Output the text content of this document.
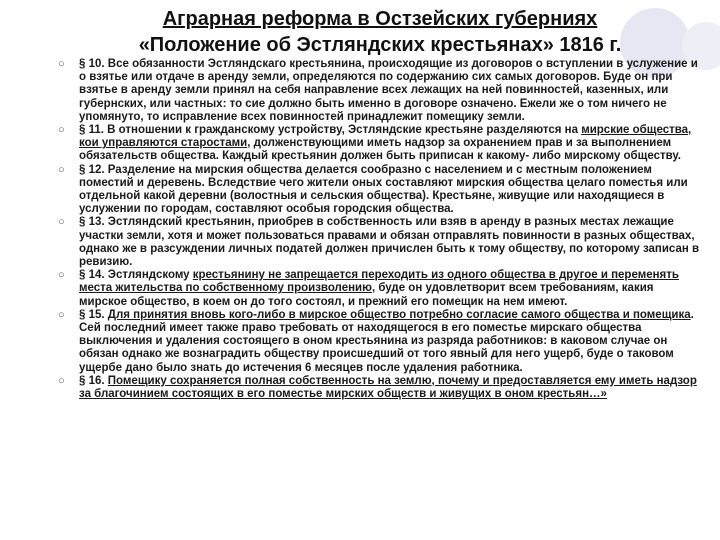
Аграрная реформа в Остзейских губерниях
«Положение об Эстляндских крестьянах» 1816 г.
○ § 10. Все обязанности Эстляндскаго крестьянина, происходящие из договоров о вступлении в услужение и о взятье или отдаче в аренду земли, определяются по содержанию сих самых договоров. Буде он при взятье в аренду земли принял на себя направление всех лежащих на ней повинностей, казенных, или губернских, или частных: то сие должно быть именно в договоре означено. Ежели же о том ничего не упомянуто, то исправление всех повинностей принадлежит помещику земли.
○ § 11. В отношении к гражданскому устройству, Эстляндские крестьяне разделяются на мирские общества, кои управляются старостами, долженствующими иметь надзор за охранением прав и за выполнением обязательств общества. Каждый крестьянин должен быть приписан к какому- либо мирскому обществу.
○ § 12. Разделение на мирския общества делается сообразно с населением и с местным положением поместий и деревень. Вследствие чего жители оных составляют мирския общества целаго поместья или отдельной какой деревни (волостныя и сельския общества). Крестьяне, живущие или находящиеся в услужении по городам, составляют особыя городския общества.
○ § 13. Эстляндский крестьянин, приобрев в собственность или взяв в аренду в разных местах лежащие участки земли, хотя и может пользоваться правами и обязан отправлять повинности в разных обществах, однако же в разсуждении личных податей должен причислен быть к тому обществу, по которому записан в ревизию.
○ § 14. Эстляндскому крестьянину не запрещается переходить из одного общества в другое и переменять места жительства по собственному произволению, буде он удовлетворит всем требованиям, какия мирское общество, в коем он до того состоял, и прежний его помещик на нем имеют.
○ § 15. Для принятия вновь кого-либо в мирское общество потребно согласие самого общества и помещика. Сей последний имеет также право требовать от находящегося в его поместье мирскаго общества выключения и удаления состоящего в оном крестьянина из разряда работников: в каковом случае он обязан однако же вознаградить обществу происшедший от того явный для него ущерб, буде о таковом ущербе дано было знать до истечения 6 месяцев после удаления работника.
○ § 16. Помещику сохраняется полная собственность на землю, почему и предоставляется ему иметь надзор за благочинием состоящих в его поместье мирских обществ и живущих в оном крестьян…»
